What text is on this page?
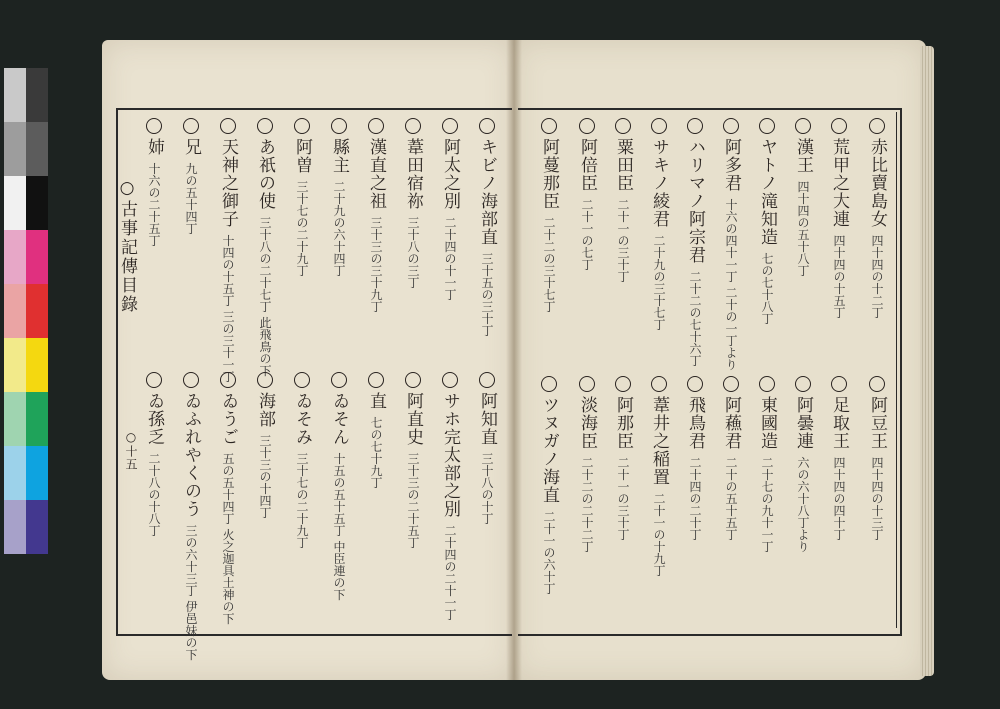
○古事記傳目錄
○十五
赤比賣島女 四十四の十二丁
荒甲之大連 四十四の十五丁
漢王 四十四の五十八丁
ヤトノ滝知造 七の七十八丁
阿多君 十六の四十一丁 二十の一丁より
ハリマノ阿宗君 二十二の七十六丁
サキノ綾君 二十九の三十七丁
粟田臣 二十一の三十丁
阿倍臣 二十一の七丁
阿蔓那臣 二十二の三十七丁
阿豆王 四十四の十三丁
足取王 四十四の四十丁
阿曇連 六の六十八丁より
東國造 二十七の九十一丁
阿蘓君 二十の五十五丁
飛鳥君 二十四の二十丁
葦井之稲置 二十一の十九丁
阿那臣 二十一の三十丁
淡海臣 二十二の二十二丁
ツヌガノ海直 二十一の六十丁
キビノ海部直 三十五の三十丁
阿太之別 二十四の十一丁
葦田宿祢 三十八の三丁
漢直之祖 三十三の三十九丁
縣主 二十九の六十四丁
阿曽 三十七の二十九丁
あ祇の使 三十八の二十七丁 此飛鳥の下
天神之御子 十四の十五丁 三の三十一丁
兄 九の五十四丁
姉 十六の二十五丁
阿知直 三十八の十丁
サホ完太部之別 二十四の二十一丁
阿直史 三十三の二十五丁
直 七の七十九丁
ゐそん 十五の五十五丁 中臣連の下
ゐそみ 三十七の二十九丁
海部 三十三の十四丁
ゐうご 五の五十四丁 火之迦具土神の下
ゐふれやくのう 三の六十三丁 伊邑妹の下
ゐ孫乏 二十八の十八丁
